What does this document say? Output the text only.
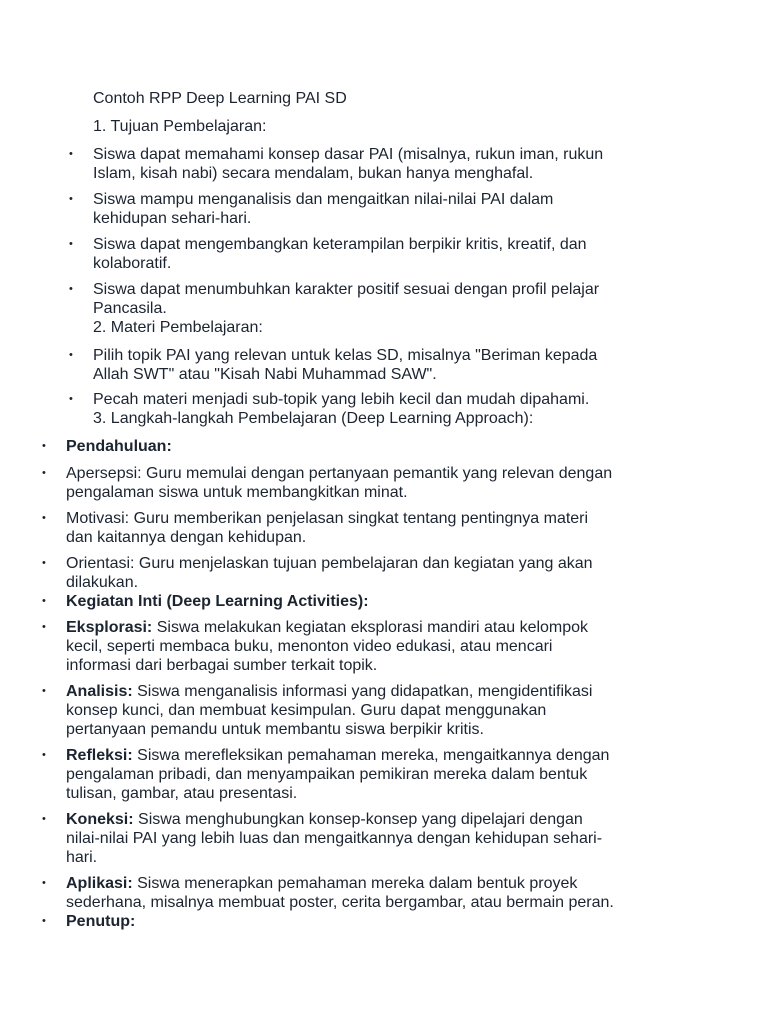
Contoh RPP Deep Learning PAI SD
1. Tujuan Pembelajaran:
• Siswa dapat memahami konsep dasar PAI (misalnya, rukun iman, rukun
Islam, kisah nabi) secara mendalam, bukan hanya menghafal.
• Siswa mampu menganalisis dan mengaitkan nilai-nilai PAI dalam
kehidupan sehari-hari.
• Siswa dapat mengembangkan keterampilan berpikir kritis, kreatif, dan
kolaboratif.
• Siswa dapat menumbuhkan karakter positif sesuai dengan profil pelajar
Pancasila.
2. Materi Pembelajaran:
• Pilih topik PAI yang relevan untuk kelas SD, misalnya "Beriman kepada
Allah SWT" atau "Kisah Nabi Muhammad SAW".
• Pecah materi menjadi sub-topik yang lebih kecil dan mudah dipahami.
3. Langkah-langkah Pembelajaran (Deep Learning Approach):
• Pendahuluan:
• Apersepsi: Guru memulai dengan pertanyaan pemantik yang relevan dengan
pengalaman siswa untuk membangkitkan minat.
• Motivasi: Guru memberikan penjelasan singkat tentang pentingnya materi
dan kaitannya dengan kehidupan.
• Orientasi: Guru menjelaskan tujuan pembelajaran dan kegiatan yang akan
dilakukan.
• Kegiatan Inti (Deep Learning Activities):
• Eksplorasi: Siswa melakukan kegiatan eksplorasi mandiri atau kelompok
kecil, seperti membaca buku, menonton video edukasi, atau mencari
informasi dari berbagai sumber terkait topik.
• Analisis: Siswa menganalisis informasi yang didapatkan, mengidentifikasi
konsep kunci, dan membuat kesimpulan. Guru dapat menggunakan
pertanyaan pemandu untuk membantu siswa berpikir kritis.
• Refleksi: Siswa merefleksikan pemahaman mereka, mengaitkannya dengan
pengalaman pribadi, dan menyampaikan pemikiran mereka dalam bentuk
tulisan, gambar, atau presentasi.
• Koneksi: Siswa menghubungkan konsep-konsep yang dipelajari dengan
nilai-nilai PAI yang lebih luas dan mengaitkannya dengan kehidupan sehari-
hari.
• Aplikasi: Siswa menerapkan pemahaman mereka dalam bentuk proyek
sederhana, misalnya membuat poster, cerita bergambar, atau bermain peran.
• Penutup:
